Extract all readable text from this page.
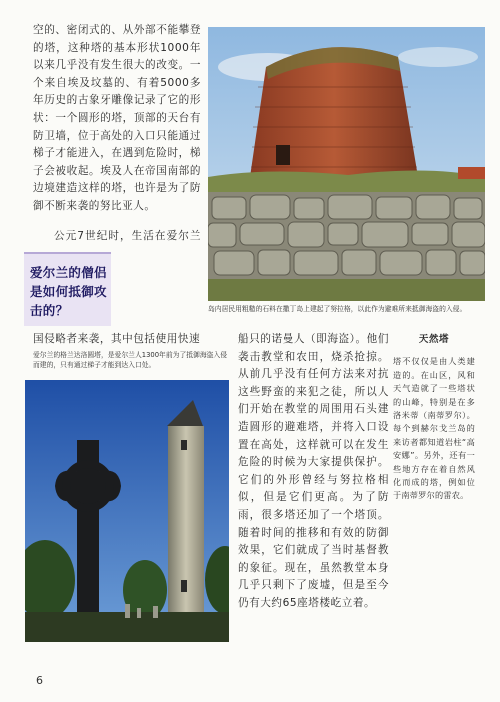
空的、密闭式的、从外部不能攀登的塔，这种塔的基本形状1000年以来几乎没有发生很大的改变。一个来自埃及坟墓的、有着5000多年历史的古象牙雕像记录了它的形状：一个圆形的塔，顶部的天台有防卫墙，位于高处的入口只能通过梯子才能进入，在遇到危险时，梯子会被收起。埃及人在帝国南部的边境建造这样的塔，也许是为了防御不断来袭的努比亚人。

岛内居民用粗糙的石料在撒丁岛上建起了努拉格，以此作为避难所来抵御海盗的入侵。

公元7世纪时，生活在爱尔兰

爱尔兰的僧侣是如何抵御攻击的？
国侵略者来袭，其中包括使用快速
爱尔兰的格兰达洛圆塔，是爱尔兰人1300年前为了抵御海盗入侵而建的，只有通过梯子才能到达入口处。

船只的诺曼人（即海盗）。他们袭击教堂和农田，烧杀抢掠。从前几乎没有任何方法来对抗这些野蛮的来犯之徒，所以人们开始在教堂的周围用石头建造圆形的避难塔，并将入口设置在高处，这样就可以在发生危险的时候为大家提供保护。它们的外形曾经与努拉格相似，但是它们更高。为了防雨，很多塔还加了一个塔顶。随着时间的推移和有效的防御效果，它们就成了当时基督教的象征。现在，虽然教堂本身几乎只剩下了废墟，但是至今仍有大约65座塔楼屹立着。

天然塔
塔不仅仅是由人类建造的。在山区，风和天气造就了一些塔状的山峰，特别是在多洛米蒂（南蒂罗尔）。每个到赫尔戈兰岛的来访者都知道岩柱“高安娜”。另外，还有一些地方存在着自然风化而成的塔，例如位于南蒂罗尔的雷农。
6
